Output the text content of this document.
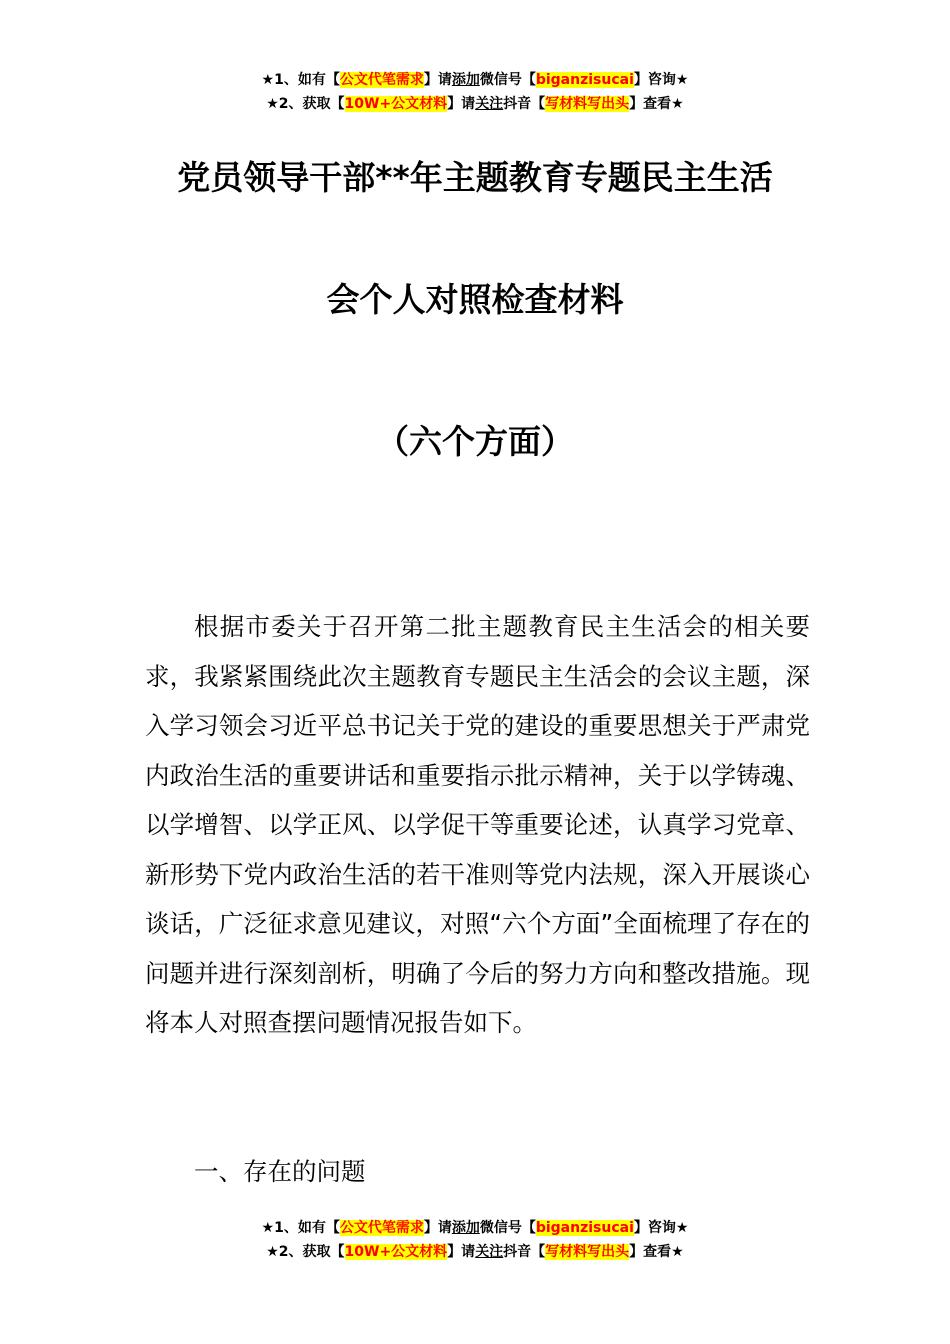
★1、如有【公文代笔需求】请添加微信号【biganzisucai】咨询★
★2、获取【10W+公文材料】请关注抖音【写材料写出头】查看★
党员领导干部**年主题教育专题民主生活
会个人对照检查材料
（六个方面）

根据市委关于召开第二批主题教育民主生活会的相关要求，我紧紧围绕此次主题教育专题民主生活会的会议主题，深入学习领会习近平总书记关于党的建设的重要思想关于严肃党内政治生活的重要讲话和重要指示批示精神，关于以学铸魂、以学增智、以学正风、以学促干等重要论述，认真学习党章、新形势下党内政治生活的若干准则等党内法规，深入开展谈心谈话，广泛征求意见建议，对照“六个方面”全面梳理了存在的问题并进行深刻剖析，明确了今后的努力方向和整改措施。现将本人对照查摆问题情况报告如下。

一、存在的问题
★1、如有【公文代笔需求】请添加微信号【biganzisucai】咨询★
★2、获取【10W+公文材料】请关注抖音【写材料写出头】查看★
